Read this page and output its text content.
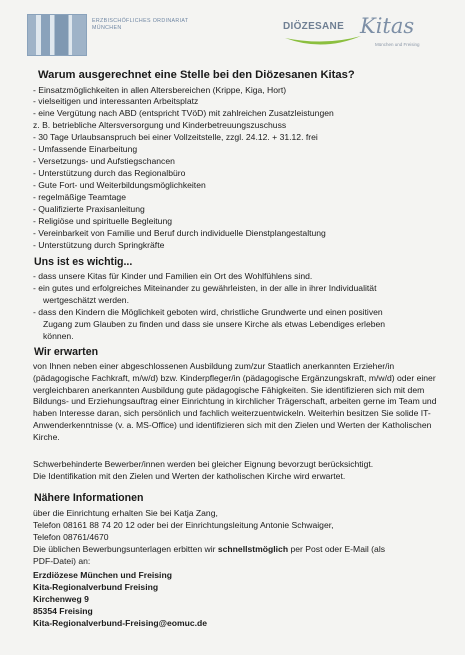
ERZBISCHÖFLICHES ORDINARIAT
MÜNCHEN	DIÖZESANE Kitas
München und Freising
Warum ausgerechnet eine Stelle bei den Diözesanen Kitas?
- Einsatzmöglichkeiten in allen Altersbereichen (Krippe, Kiga, Hort)
- vielseitigen und interessanten Arbeitsplatz
- eine Vergütung nach ABD (entspricht TVöD) mit zahlreichen Zusatzleistungen
z. B. betriebliche Altersversorgung und Kinderbetreuungszuschuss
- 30 Tage Urlaubsanspruch bei einer Vollzeitstelle, zzgl. 24.12. + 31.12. frei
- Umfassende Einarbeitung
- Versetzungs- und Aufstiegschancen
- Unterstützung durch das Regionalbüro
- Gute Fort- und Weiterbildungsmöglichkeiten
- regelmäßige Teamtage
- Qualifizierte Praxisanleitung
- Religiöse und spirituelle Begleitung
- Vereinbarkeit von Familie und Beruf durch individuelle Dienstplangestaltung
- Unterstützung durch Springkräfte
Uns ist es wichtig...
- dass unsere Kitas für Kinder und Familien ein Ort des Wohlfühlens sind.
- ein gutes und erfolgreiches Miteinander zu gewährleisten, in der alle in ihrer Individualität
wertgeschätzt werden.
- dass den Kindern die Möglichkeit geboten wird, christliche Grundwerte und einen positiven
Zugang zum Glauben zu finden und dass sie unsere Kirche als etwas Lebendiges erleben
können.
Wir erwarten
von Ihnen neben einer abgeschlossenen Ausbildung zum/zur Staatlich anerkannten Erzieher/in (pädagogische Fachkraft, m/w/d) bzw. Kinderpfleger/in (pädagogische Ergänzungskraft, m/w/d) oder einer vergleichbaren anerkannten Ausbildung gute pädagogische Fähigkeiten. Sie identifizieren sich mit dem Bildungs- und Erziehungsauftrag einer Einrichtung in kirchlicher Trägerschaft, arbeiten gerne im Team und haben Interesse daran, sich persönlich und fachlich weiterzuentwickeln. Weiterhin besitzen Sie solide IT-Anwenderkenntnisse (v. a. MS-Office) und identifizieren sich mit den Zielen und Werten der Katholischen Kirche.
Schwerbehinderte Bewerber/innen werden bei gleicher Eignung bevorzugt berücksichtigt.
Die Identifikation mit den Zielen und Werten der katholischen Kirche wird erwartet.
Nähere Informationen
über die Einrichtung erhalten Sie bei Katja Zang,
Telefon 08161 88 74 20 12 oder bei der Einrichtungsleitung Antonie Schwaiger,
Telefon 08761/4670
Die üblichen Bewerbungsunterlagen erbitten wir schnellstmöglich per Post oder E-Mail (als
PDF-Datei) an:
Erzdiözese München und Freising
Kita-Regionalverbund Freising
Kirchenweg 9
85354 Freising
Kita-Regionalverbund-Freising@eomuc.de
